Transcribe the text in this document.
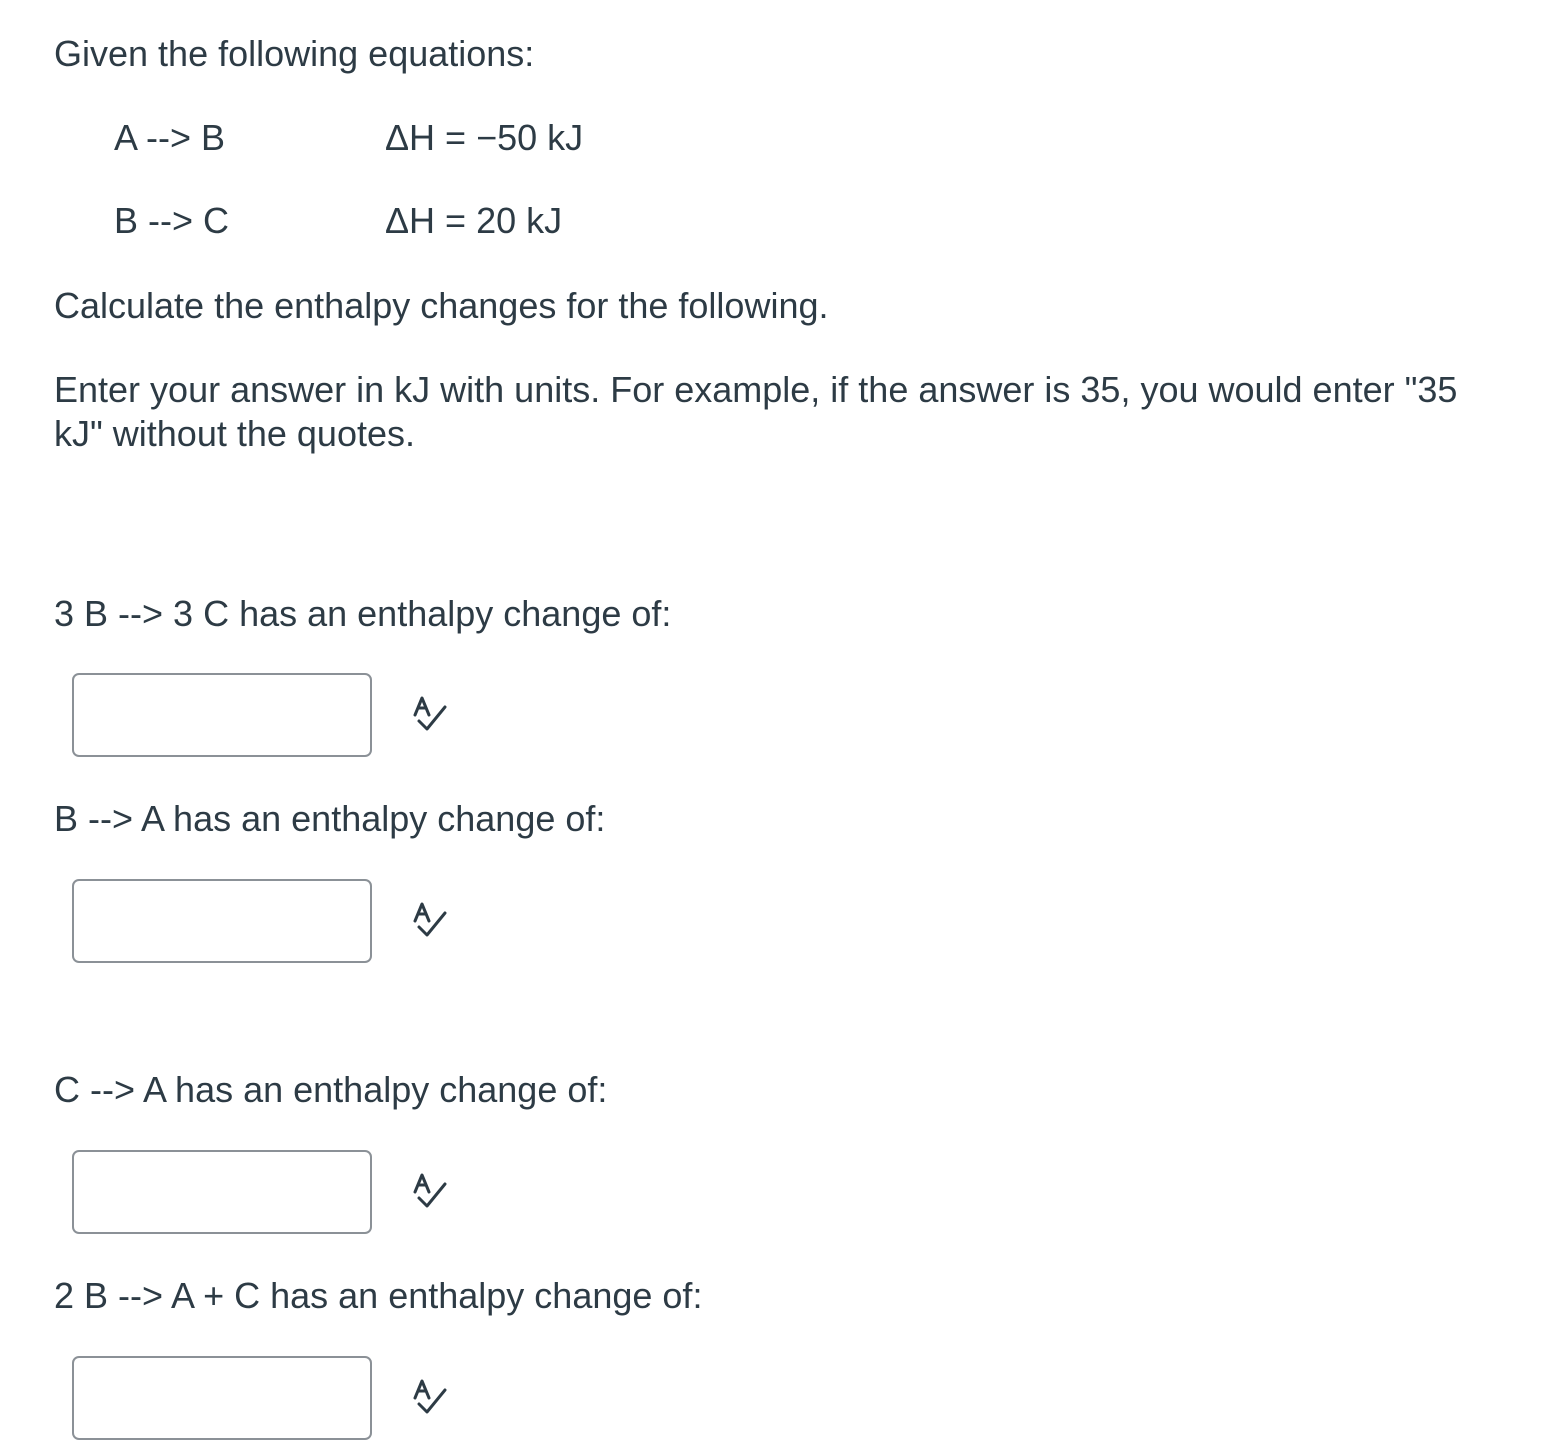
Given the following equations:
A --> B	ΔH = −50 kJ
B --> C	ΔH = 20 kJ
Calculate the enthalpy changes for the following.
Enter your answer in kJ with units. For example, if the answer is 35, you would enter "35 kJ" without the quotes.
3 B --> 3 C has an enthalpy change of:
B --> A has an enthalpy change of:
C --> A has an enthalpy change of:
2 B --> A + C has an enthalpy change of:
